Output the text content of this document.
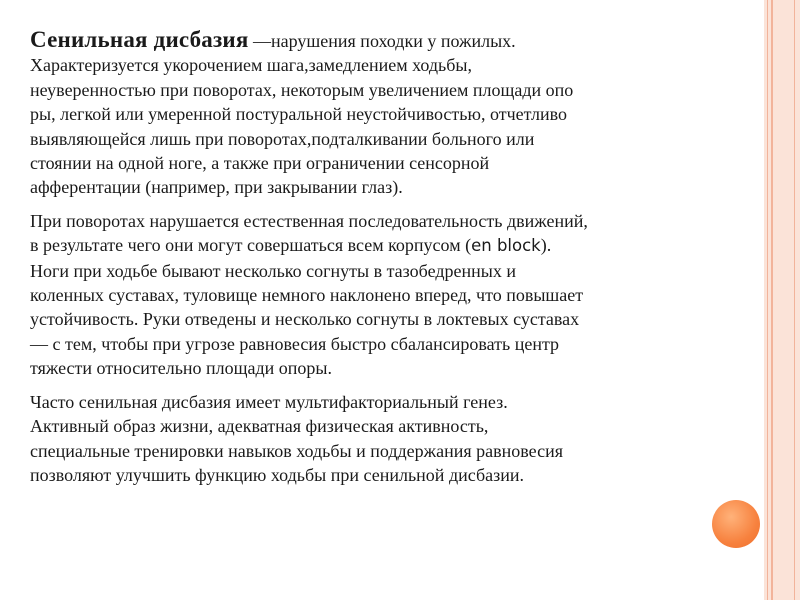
Сенильная дисбазия —нарушения походки у пожилых.
Характеризуется укорочением шага,замедлением ходьбы,
неуверенностью при поворотах, некоторым увеличением площади опо
ры, легкой или умеренной постуральной неустойчивостью, отчетливо
выявляющейся лишь при поворотах,подталкивании больного или
стоянии на одной ноге, а также при ограничении сенсорной
афферентации (например, при закрывании глаз).

При поворотах нарушается естественная последовательность движений,
в результате чего они могут совершаться всем корпусом (en block).
Ноги при ходьбе бывают несколько согнуты в тазобедренных и
коленных суставах, туловище немного наклонено вперед, что повышает
устойчивость. Руки отведены и несколько согнуты в локтевых суставах
— с тем, чтобы при угрозе равновесия быстро сбалансировать центр
тяжести относительно площади опоры.

Часто сенильная дисбазия имеет мультифакториальный генез.
Активный образ жизни, адекватная физическая активность,
специальные тренировки навыков ходьбы и поддержания равновесия
позволяют улучшить функцию ходьбы при сенильной дисбазии.
